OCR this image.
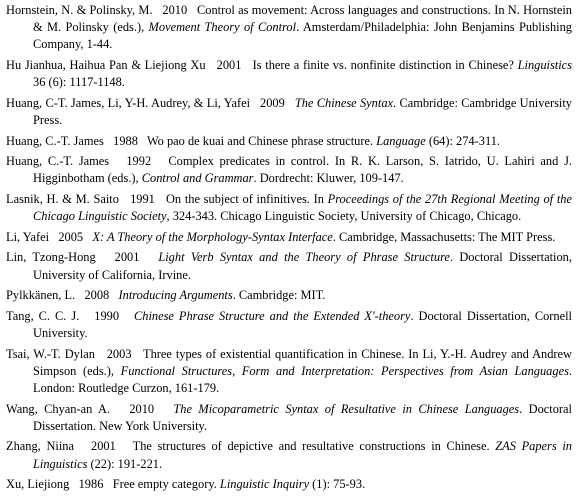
Hornstein, N. & Polinsky, M.   2010   Control as movement: Across languages and constructions. In N. Hornstein & M. Polinsky (eds.), Movement Theory of Control. Amsterdam/Philadelphia: John Benjamins Publishing Company, 1-44.

Hu Jianhua, Haihua Pan & Liejiong Xu   2001   Is there a finite vs. nonfinite distinction in Chinese? Linguistics 36 (6): 1117-1148.

Huang, C-T. James, Li, Y-H. Audrey, & Li, Yafei   2009   The Chinese Syntax. Cambridge: Cambridge University Press.

Huang, C.-T. James   1988   Wo pao de kuai and Chinese phrase structure. Language (64): 274-311.

Huang, C.-T. James   1992   Complex predicates in control. In R. K. Larson, S. Iatrido, U. Lahiri and J. Higginbotham (eds.), Control and Grammar. Dordrecht: Kluwer, 109-147.

Lasnik, H. & M. Saito   1991   On the subject of infinitives. In Proceedings of the 27th Regional Meeting of the Chicago Linguistic Society, 324-343. Chicago Linguistic Society, University of Chicago, Chicago.

Li, Yafei   2005   X: A Theory of the Morphology-Syntax Interface. Cambridge, Massachusetts: The MIT Press.

Lin, Tzong-Hong   2001   Light Verb Syntax and the Theory of Phrase Structure. Doctoral Dissertation, University of California, Irvine.

Pylkkänen, L.   2008   Introducing Arguments. Cambridge: MIT.

Tang, C. C. J.   1990   Chinese Phrase Structure and the Extended X'-theory. Doctoral Dissertation, Cornell University.

Tsai, W.-T. Dylan   2003   Three types of existential quantification in Chinese. In Li, Y.-H. Audrey and Andrew Simpson (eds.), Functional Structures, Form and Interpretation: Perspectives from Asian Languages. London: Routledge Curzon, 161-179.

Wang, Chyan-an A.   2010   The Micoparametric Syntax of Resultative in Chinese Languages. Doctoral Dissertation. New York University.

Zhang, Niina   2001   The structures of depictive and resultative constructions in Chinese. ZAS Papers in Linguistics (22): 191-221.

Xu, Liejiong   1986   Free empty category. Linguistic Inquiry (1): 75-93.
